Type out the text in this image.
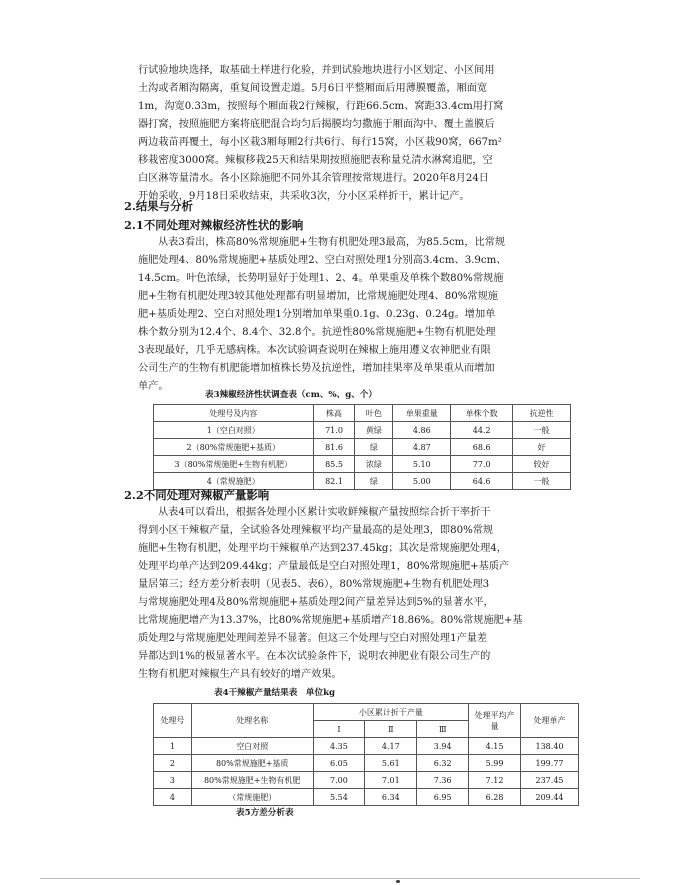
行试验地块选择，取基础土样进行化验，并到试验地块进行小区划定、小区间用

土沟或者厢沟隔离，重复间设置走道。5月6日平整厢面后用薄膜覆盖，厢面宽

1m，沟宽0.33m，按照每个厢面栽2行辣椒，行距66.5cm、窝距33.4cm用打窝

器打窝，按照施肥方案将底肥混合均匀后揭膜均匀撒施于厢面沟中、覆土盖膜后

两边栽苗再覆土，每小区栽3厢每厢2行共6行、每行15窝，小区栽90窝，667m²

移栽密度3000窝。辣椒移栽25天和结果期按照施肥表称量兑清水淋窝追肥，空

白区淋等量清水。各小区除施肥不同外其余管理按常规进行。2020年8月24日

开始采收，9月18日采收结束，共采收3次，分小区采样折干，累计记产。

2.结果与分析
2.1不同处理对辣椒经济性状的影响

从表3看出，株高80%常规施肥+生物有机肥处理3最高，为85.5cm，比常规

施肥处理4、80%常规施肥+基质处理2、空白对照处理1分别高3.4cm、3.9cm、

14.5cm。叶色浓绿，长势明显好于处理1、2、4。单果重及单株个数80%常规施

肥+生物有机肥处理3较其他处理都有明显增加，比常规施肥处理4、80%常规施

肥+基质处理2、空白对照处理1分别增加单果重0.1g、0.23g、0.24g。增加单

株个数分别为12.4个、8.4个、32.8个。抗逆性80%常规施肥+生物有机肥处理

3表现最好，几乎无感病株。本次试验调查说明在辣椒上施用遵义农神肥业有限

公司生产的生物有机肥能增加植株长势及抗逆性，增加挂果率及单果重从而增加

单产。

表3辣椒经济性状调查表（cm、%、g、个）
处理号及内容	株高	叶色	单果重量	单株个数	抗逆性
1（空白对照）	71.0	黄绿	4.86	44.2	一般
2（80%常规施肥+基质）	81.6	绿	4.87	68.6	好
3（80%常规施肥+生物有机肥）	85.5	浓绿	5.10	77.0	较好
4（常规施肥）	82.1	绿	5.00	64.6	一般
2.2不同处理对辣椒产量影响

从表4可以看出，根据各处理小区累计实收鲜辣椒产量按照综合折干率折干

得到小区干辣椒产量，全试验各处理辣椒平均产量最高的是处理3，即80%常规

施肥+生物有机肥，处理平均干辣椒单产达到237.45kg；其次是常规施肥处理4，

处理平均单产达到209.44kg；产量最低是空白对照处理1，80%常规施肥+基质产

量居第三；经方差分析表明（见表5、表6），80%常规施肥+生物有机肥处理3

与常规施肥处理4及80%常规施肥+基质处理2间产量差异达到5%的显著水平，

比常规施肥增产为13.37%，比80%常规施肥+基质增产18.86%。80%常规施肥+基

质处理2与常规施肥处理间差异不显著。但这三个处理与空白对照处理1产量差

异都达到1%的极显著水平。在本次试验条件下，说明农神肥业有限公司生产的

生物有机肥对辣椒生产具有较好的增产效果。

表4干辣椒产量结果表　单位kg
处理号	处理名称	小区累计折干产量			处理平均产量	处理单产
		Ⅰ	Ⅱ	Ⅲ		
1	空白对照	4.35	4.17	3.94	4.15	138.40
2	80%常规施肥+基质	6.05	5.61	6.32	5.99	199.77
3	80%常规施肥+生物有机肥	7.00	7.01	7.36	7.12	237.45
4	（常规施肥）	5.54	6.34	6.95	6.28	209.44
表5方差分析表
